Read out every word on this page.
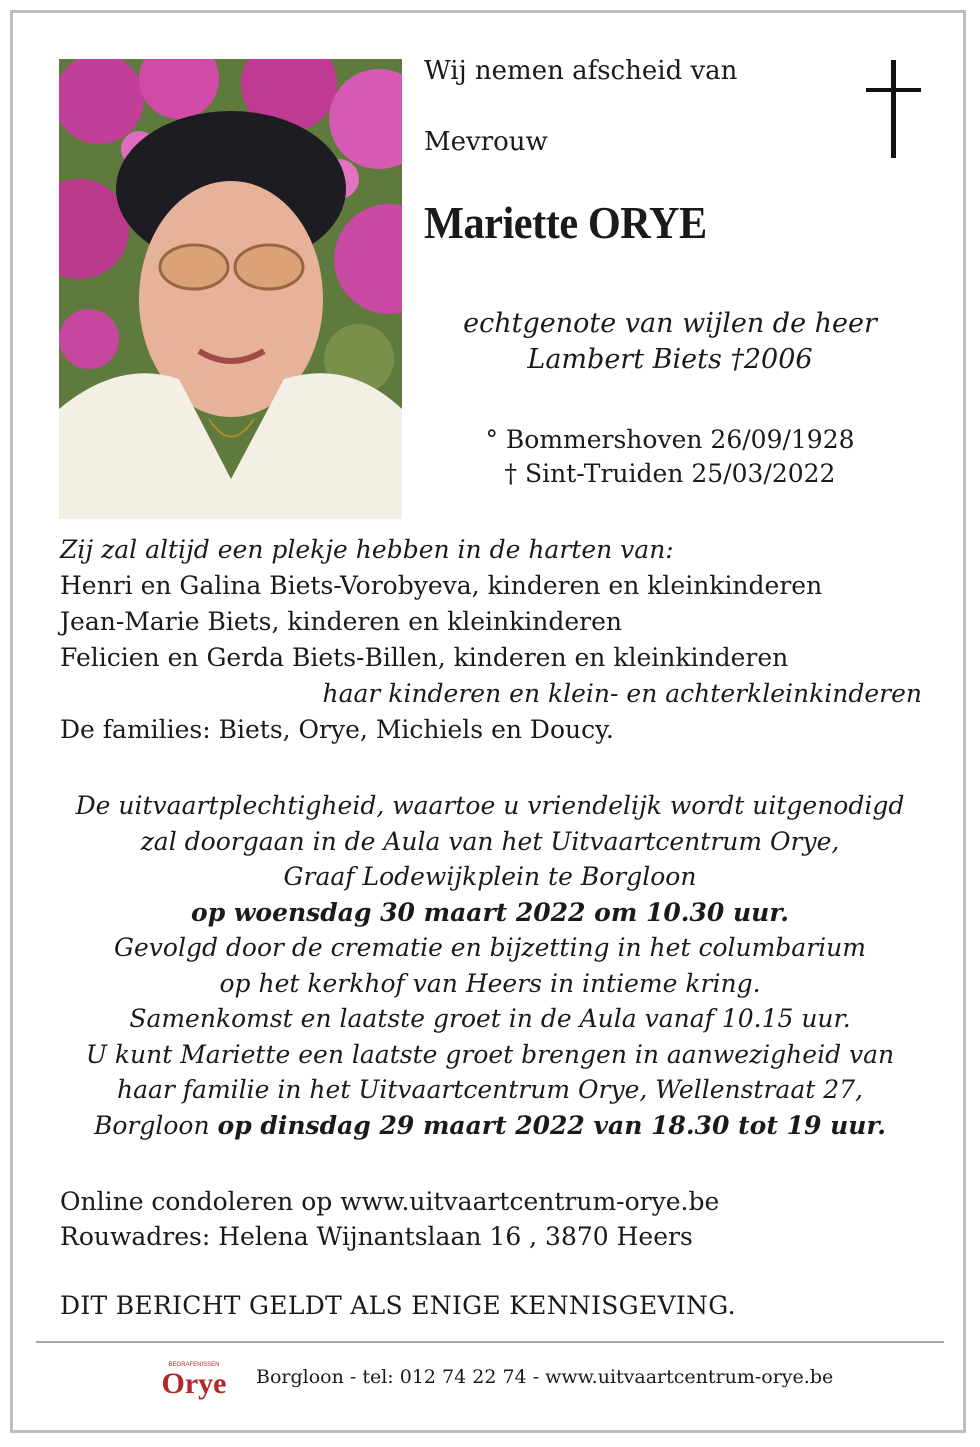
Wij nemen afscheid van
Mevrouw
Mariette ORYE
echtgenote van wijlen de heer
Lambert Biets †2006
° Bommershoven 26/09/1928
† Sint-Truiden 25/03/2022
Zij zal altijd een plekje hebben in de harten van:
Henri en Galina Biets-Vorobyeva, kinderen en kleinkinderen
Jean-Marie Biets, kinderen en kleinkinderen
Felicien en Gerda Biets-Billen, kinderen en kleinkinderen
haar kinderen en klein- en achterkleinkinderen
De families: Biets, Orye, Michiels en Doucy.
De uitvaartplechtigheid, waartoe u vriendelijk wordt uitgenodigd
zal doorgaan in de Aula van het Uitvaartcentrum Orye,
Graaf Lodewijkplein te Borgloon
op woensdag 30 maart 2022 om 10.30 uur.
Gevolgd door de crematie en bijzetting in het columbarium
op het kerkhof van Heers in intieme kring.
Samenkomst en laatste groet in de Aula vanaf 10.15 uur.
U kunt Mariette een laatste groet brengen in aanwezigheid van
haar familie in het Uitvaartcentrum Orye, Wellenstraat 27,
Borgloon op dinsdag 29 maart 2022 van 18.30 tot 19 uur.
Online condoleren op www.uitvaartcentrum-orye.be
Rouwadres: Helena Wijnantslaan 16 , 3870 Heers
DIT BERICHT GELDT ALS ENIGE KENNISGEVING.
BEGRAFENISSEN
Orye Borgloon - tel: 012 74 22 74 - www.uitvaartcentrum-orye.be
